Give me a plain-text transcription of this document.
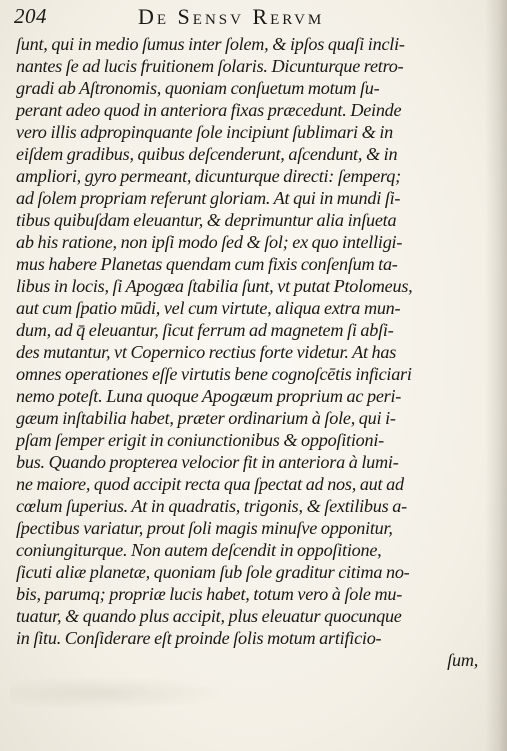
204	De Sensv Rervm
ſunt, qui in medio ſumus inter ſolem, & ipſos quaſi incli-
nantes ſe ad lucis fruitionem ſolaris. Dicunturque retro-
gradi ab Aſtronomis, quoniam conſuetum motum ſu-
perant adeo quod in anteriora fixas præcedunt. Deinde
vero illis adpropinquante ſole incipiunt ſublimari & in
eiſdem gradibus, quibus deſcenderunt, aſcendunt, & in
ampliori, gyro permeant, dicunturque directi: ſemperq;
ad ſolem propriam referunt gloriam. At qui in mundi ſi-
tibus quibuſdam eleuantur, & deprimuntur alia inſueta
ab his ratione, non ipſi modo ſed & ſol; ex quo intelligi-
mus habere Planetas quendam cum fixis conſenſum ta-
libus in locis, ſi Apogæa ſtabilia ſunt, vt putat Ptolomeus,
aut cum ſpatio mūdi, vel cum virtute, aliqua extra mun-
dum, ad q̄ eleuantur, ſicut ferrum ad magnetem ſi abſi-
des mutantur, vt Copernico rectius forte videtur. At has
omnes operationes eſſe virtutis bene cognoſcētis inficiari
nemo poteſt. Luna quoque Apogæum proprium ac peri-
gæum inſtabilia habet, præter ordinarium à ſole, qui i-
pſam ſemper erigit in coniunctionibus & oppoſitioni-
bus. Quando propterea velocior fit in anteriora à lumi-
ne maiore, quod accipit recta qua ſpectat ad nos, aut ad
cœlum ſuperius. At in quadratis, trigonis, & ſextilibus a-
ſpectibus variatur, prout ſoli magis minuſve opponitur,
coniungiturque. Non autem deſcendit in oppoſitione,
ſicuti aliæ planetæ, quoniam ſub ſole graditur citima no-
bis, parumq; propriæ lucis habet, totum vero à ſole mu-
tuatur, & quando plus accipit, plus eleuatur quocunque
in ſitu. Conſiderare eſt proinde ſolis motum artificio-
ſum,
